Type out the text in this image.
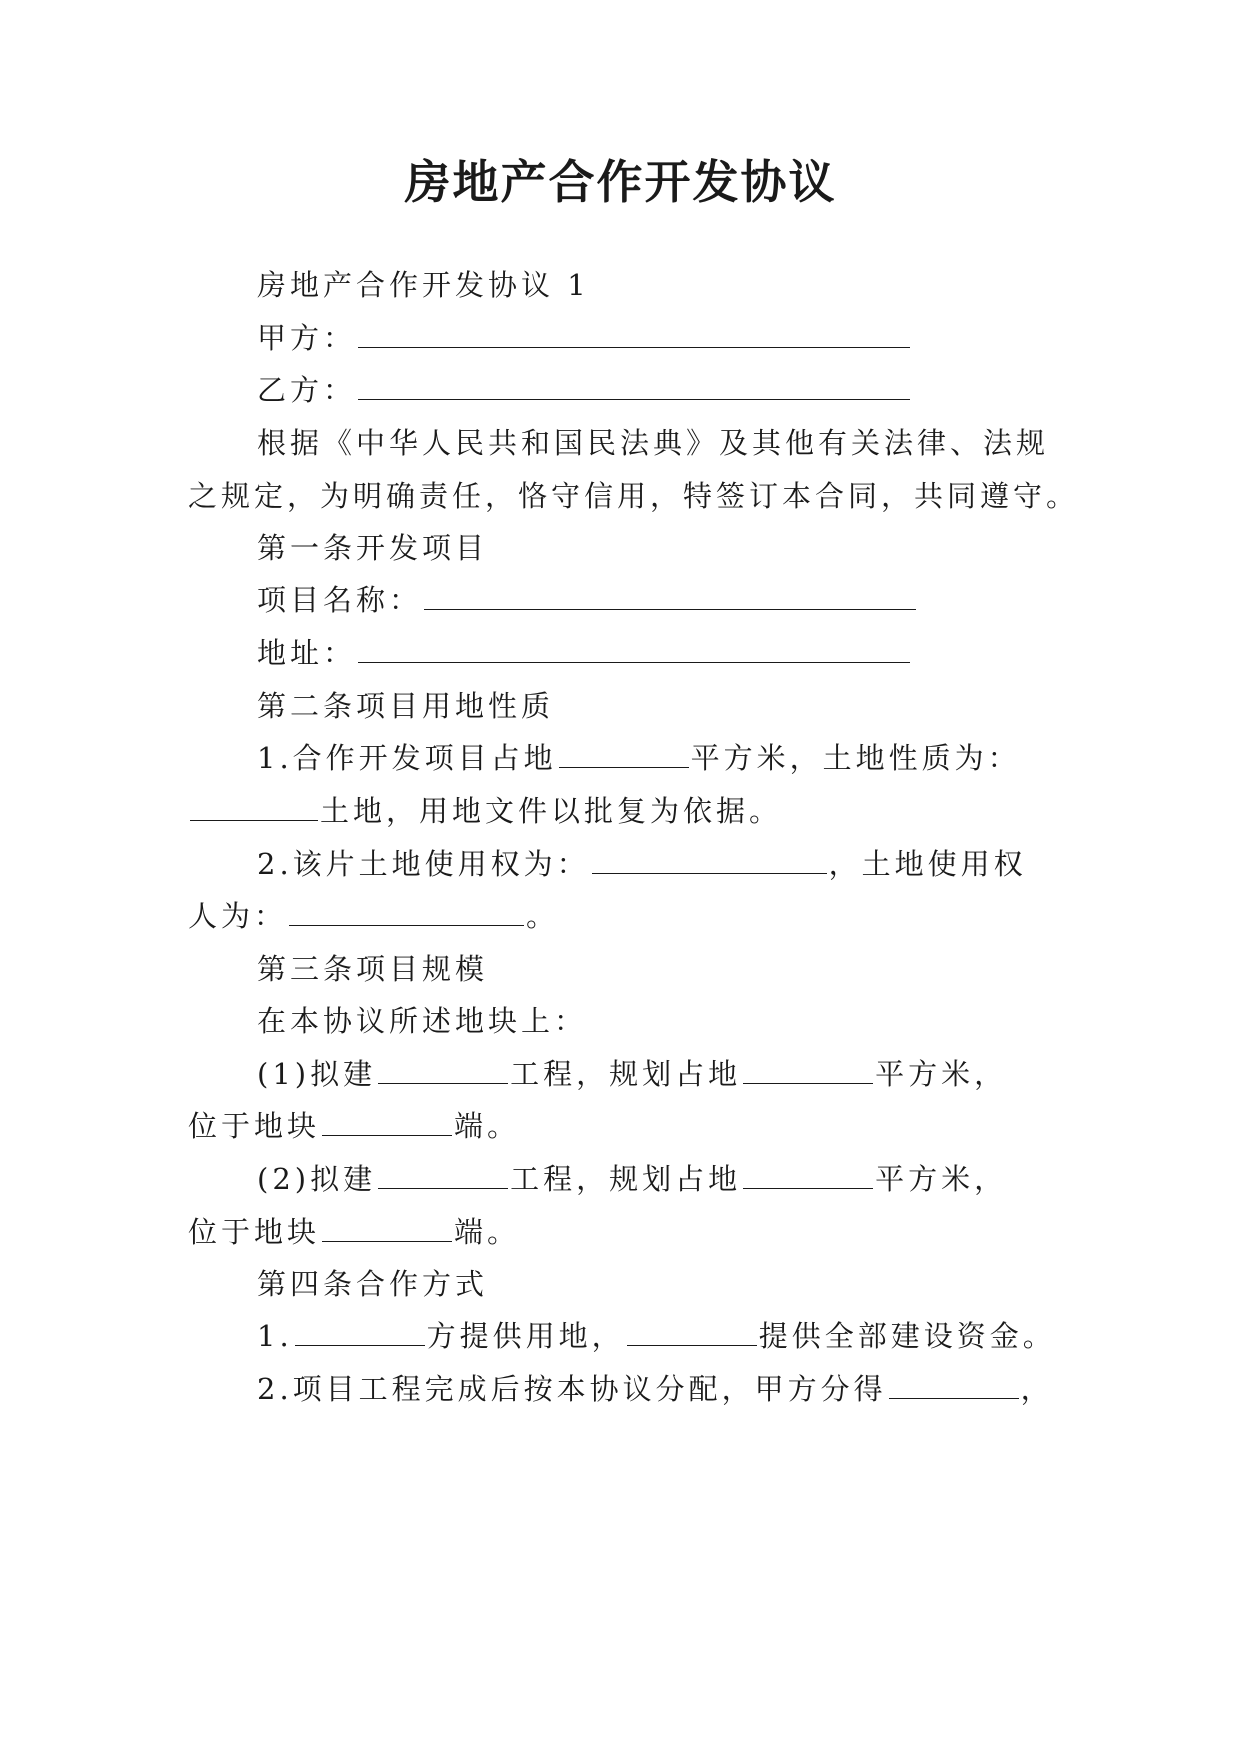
房地产合作开发协议
房地产合作开发协议 1
甲方：
乙方：
根据《中华人民共和国民法典》及其他有关法律、法规
之规定，为明确责任，恪守信用，特签订本合同，共同遵守。
第一条开发项目
项目名称：
地址：
第二条项目用地性质
1.合作开发项目占地	平方米，土地性质为：
土地，用地文件以批复为依据。
2.该片土地使用权为：	，土地使用权
人为：	。
第三条项目规模
在本协议所述地块上：
(1)拟建	工程，规划占地	平方米，
位于地块	端。
(2)拟建	工程，规划占地	平方米，
位于地块	端。
第四条合作方式
1.	方提供用地，	提供全部建设资金。
2.项目工程完成后按本协议分配，甲方分得	，
